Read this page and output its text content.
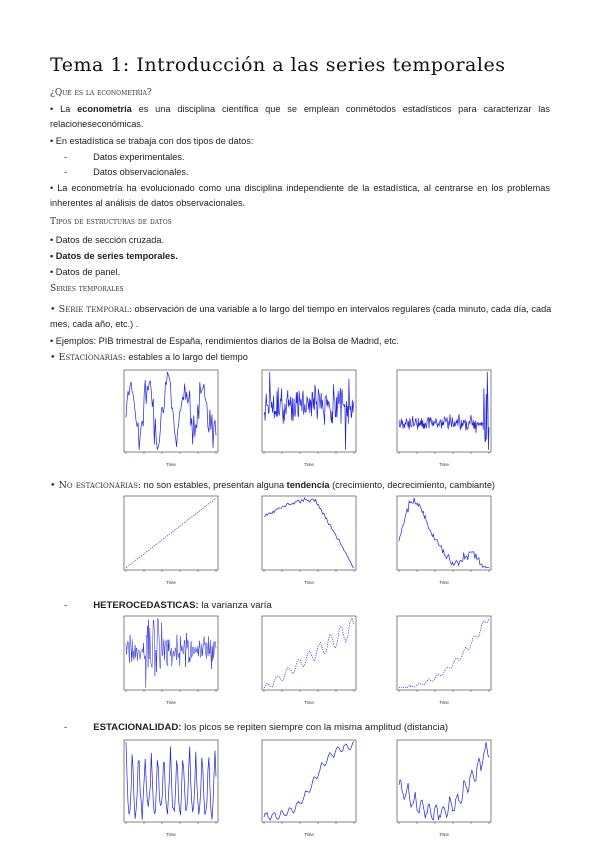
Tema 1: Introducción a las series temporales
¿Qué es la econometría?
• La econometría es una disciplina científica que se emplean conmétodos estadísticos para caracterizar las relacioneseconómicas.
• En estadística se trabaja con dos tipos de datos:
-	Datos experimentales.
-	Datos observacionales.
• La econometría ha evolucionado como una disciplina independiente de la estadística, al centrarse en los problemas inherentes al análisis de datos observacionales.
Tipos de estructuras de datos
• Datos de sección cruzada.
• Datos de series temporales.
• Datos de panel.
Series temporales
• Serie temporal: observación de una variable a lo largo del tiempo en intervalos regulares (cada minuto, cada día, cada mes, cada año, etc.) .
• Ejemplos: PIB trimestral de España, rendimientos diarios de la Bolsa de Madrid, etc.
• Estacionarias: estables a lo largo del tiempo
Time	Time	Time
• No estacionarias: no son estables, presentan alguna tendencia (crecimiento, decrecimiento, cambiante)
Time	Time	Time
-	HETEROCEDASTICAS: la varianza varía
Time	Time	Time
-	ESTACIONALIDAD: los picos se repiten siempre con la misma amplitud (distancia)
Time	Time	Time
